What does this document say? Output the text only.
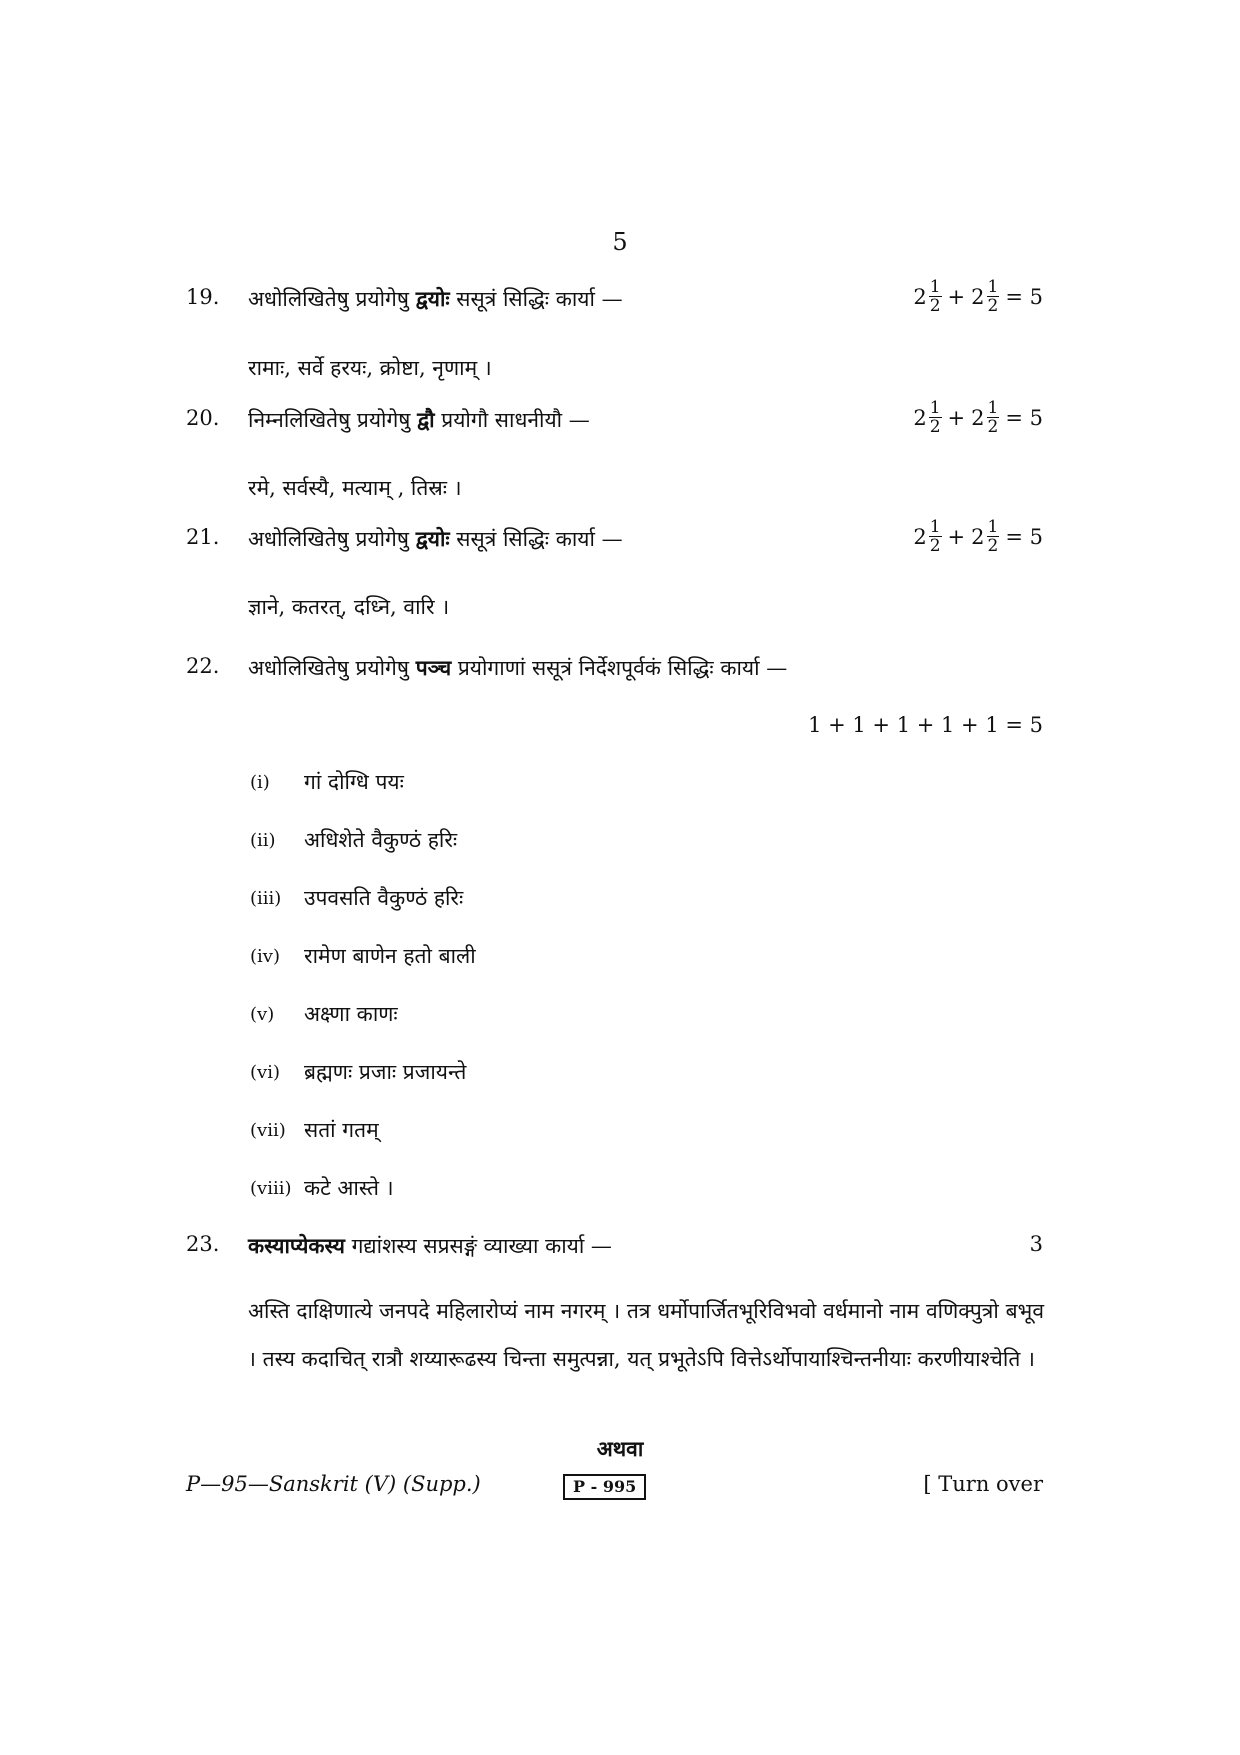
5
19. अधोलिखितेषु प्रयोगेषु द्वयोः ससूत्रं सिद्धिः कार्या —	$2 \frac{1}{2} + 2 \frac{1}{2} = 5$
रामाः, सर्वे हरयः, क्रोष्टा, नृणाम् ।
20. निम्नलिखितेषु प्रयोगेषु द्वौ प्रयोगौ साधनीयौ —	$2 \frac{1}{2} + 2 \frac{1}{2} = 5$
रमे, सर्वस्यै, मत्याम् , तिस्रः ।
21. अधोलिखितेषु प्रयोगेषु द्वयोः ससूत्रं सिद्धिः कार्या —	$2 \frac{1}{2} + 2 \frac{1}{2} = 5$
ज्ञाने, कतरत्, दध्नि, वारि ।
22. अधोलिखितेषु प्रयोगेषु पञ्च प्रयोगाणां ससूत्रं निर्देशपूर्वकं सिद्धिः कार्या —
1 + 1 + 1 + 1 + 1 = 5
(i)	गां दोग्धि पयः
(ii)	अधिशेते वैकुण्ठं हरिः
(iii)	उपवसति वैकुण्ठं हरिः
(iv)	रामेण बाणेन हतो बाली
(v)	अक्ष्णा काणः
(vi)	ब्रह्मणः प्रजाः प्रजायन्ते
(vii) सतां गतम्
(viii) कटे आस्ते ।
23. कस्याप्येकस्य गद्यांशस्य सप्रसङ्गं व्याख्या कार्या —	3
अस्ति दाक्षिणात्ये जनपदे महिलारोप्यं नाम नगरम् । तत्र धर्मोपार्जितभूरिविभवो वर्धमानो नाम वणिक्पुत्रो बभूव । तस्य कदाचित् रात्रौ शय्यारूढस्य चिन्ता समुत्पन्ना, यत् प्रभूतेऽपि वित्तेऽर्थोपायाश्चिन्तनीयाः करणीयाश्चेति ।
अथवा
P—95—Sanskrit (V) (Supp.)	P - 995	[ Turn over
